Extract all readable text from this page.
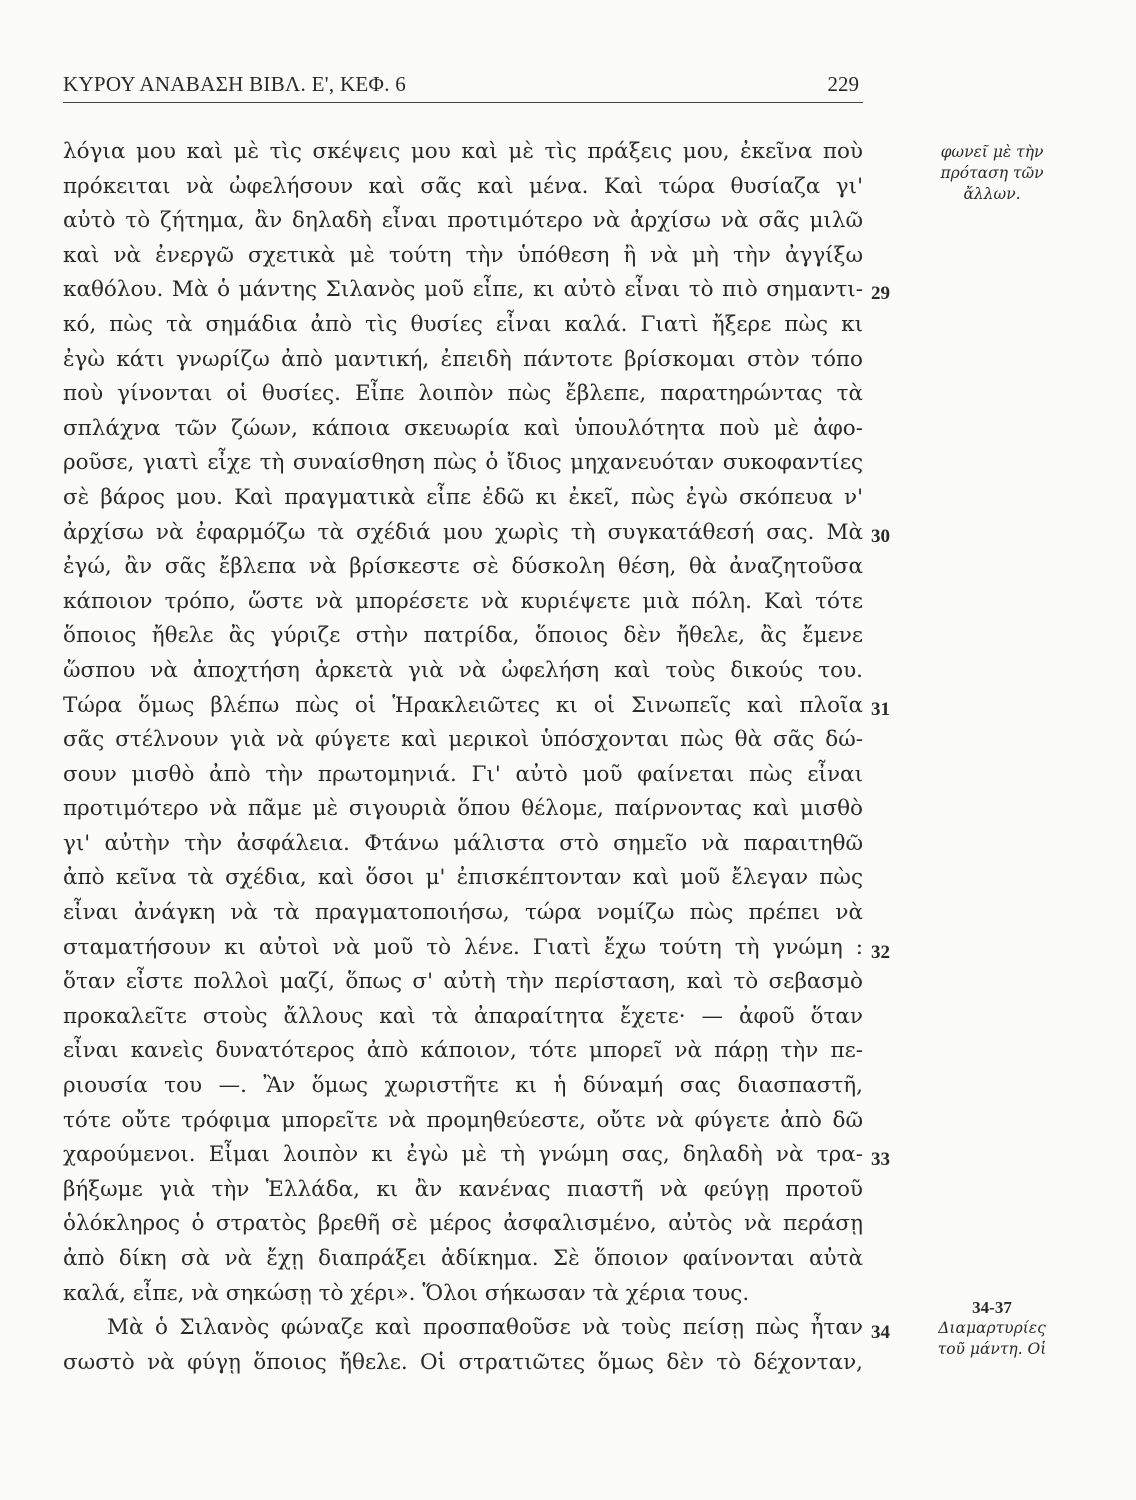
ΚΥΡΟΥ ΑΝΑΒΑΣΗ ΒΙΒΛ. Ε', ΚΕΦ. 6	229
λόγια μου καὶ μὲ τὶς σκέψεις μου καὶ μὲ τὶς πράξεις μου, ἐκεῖνα ποὺ
πρόκειται νὰ ὠφελήσουν καὶ σᾶς καὶ μένα. Καὶ τώρα θυσίαζα γι'
αὐτὸ τὸ ζήτημα, ἂν δηλαδὴ εἶναι προτιμότερο νὰ ἀρχίσω νὰ σᾶς μιλῶ
καὶ νὰ ἐνεργῶ σχετικὰ μὲ τούτη τὴν ὑπόθεση ἢ νὰ μὴ τὴν ἀγγίξω
καθόλου. Μὰ ὁ μάντης Σιλανὸς μοῦ εἶπε, κι αὐτὸ εἶναι τὸ πιὸ σημαντι-
κό, πὼς τὰ σημάδια ἀπὸ τὶς θυσίες εἶναι καλά. Γιατὶ ἤξερε πὼς κι
ἐγὼ κάτι γνωρίζω ἀπὸ μαντική, ἐπειδὴ πάντοτε βρίσκομαι στὸν τόπο
ποὺ γίνονται οἱ θυσίες. Εἶπε λοιπὸν πὼς ἔβλεπε, παρατηρώντας τὰ
σπλάχνα τῶν ζώων, κάποια σκευωρία καὶ ὑπουλότητα ποὺ μὲ ἀφο-
ροῦσε, γιατὶ εἶχε τὴ συναίσθηση πὼς ὁ ἴδιος μηχανευόταν συκοφαντίες
σὲ βάρος μου. Καὶ πραγματικὰ εἶπε ἐδῶ κι ἐκεῖ, πὼς ἐγὼ σκόπευα ν'
ἀρχίσω νὰ ἐφαρμόζω τὰ σχέδιά μου χωρὶς τὴ συγκατάθεσή σας. Μὰ
ἐγώ, ἂν σᾶς ἔβλεπα νὰ βρίσκεστε σὲ δύσκολη θέση, θὰ ἀναζητοῦσα
κάποιον τρόπο, ὥστε νὰ μπορέσετε νὰ κυριέψετε μιὰ πόλη. Καὶ τότε
ὅποιος ἤθελε ἂς γύριζε στὴν πατρίδα, ὅποιος δὲν ἤθελε, ἂς ἔμενε
ὥσπου νὰ ἀποχτήση ἀρκετὰ γιὰ νὰ ὠφελήση καὶ τοὺς δικούς του.
Τώρα ὅμως βλέπω πὼς οἱ Ἡρακλειῶτες κι οἱ Σινωπεῖς καὶ πλοῖα
σᾶς στέλνουν γιὰ νὰ φύγετε καὶ μερικοὶ ὑπόσχονται πὼς θὰ σᾶς δώ-
σουν μισθὸ ἀπὸ τὴν πρωτομηνιά. Γι' αὐτὸ μοῦ φαίνεται πὼς εἶναι
προτιμότερο νὰ πᾶμε μὲ σιγουριὰ ὅπου θέλομε, παίρνοντας καὶ μισθὸ
γι' αὐτὴν τὴν ἀσφάλεια. Φτάνω μάλιστα στὸ σημεῖο νὰ παραιτηθῶ
ἀπὸ κεῖνα τὰ σχέδια, καὶ ὅσοι μ' ἐπισκέπτονταν καὶ μοῦ ἔλεγαν πὼς
εἶναι ἀνάγκη νὰ τὰ πραγματοποιήσω, τώρα νομίζω πὼς πρέπει νὰ
σταματήσουν κι αὐτοὶ νὰ μοῦ τὸ λένε. Γιατὶ ἔχω τούτη τὴ γνώμη :
ὅταν εἶστε πολλοὶ μαζί, ὅπως σ' αὐτὴ τὴν περίσταση, καὶ τὸ σεβασμὸ
προκαλεῖτε στοὺς ἄλλους καὶ τὰ ἀπαραίτητα ἔχετε· — ἀφοῦ ὅταν
εἶναι κανεὶς δυνατότερος ἀπὸ κάποιον, τότε μπορεῖ νὰ πάρῃ τὴν πε-
ριουσία του —. Ἂν ὅμως χωριστῆτε κι ἡ δύναμή σας διασπαστῆ,
τότε οὔτε τρόφιμα μπορεῖτε νὰ προμηθεύεστε, οὔτε νὰ φύγετε ἀπὸ δῶ
χαρούμενοι. Εἶμαι λοιπὸν κι ἐγὼ μὲ τὴ γνώμη σας, δηλαδὴ νὰ τρα-
βήξωμε γιὰ τὴν Ἑλλάδα, κι ἂν κανένας πιαστῆ νὰ φεύγῃ προτοῦ
ὁλόκληρος ὁ στρατὸς βρεθῆ σὲ μέρος ἀσφαλισμένο, αὐτὸς νὰ περάσῃ
ἀπὸ δίκη σὰ νὰ ἔχῃ διαπράξει ἀδίκημα. Σὲ ὅποιον φαίνονται αὐτὰ
καλά, εἶπε, νὰ σηκώσῃ τὸ χέρι». Ὅλοι σήκωσαν τὰ χέρια τους.
Μὰ ὁ Σιλανὸς φώναζε καὶ προσπαθοῦσε νὰ τοὺς πείσῃ πὼς ἦταν
σωστὸ νὰ φύγῃ ὅποιος ἤθελε. Οἱ στρατιῶτες ὅμως δὲν τὸ δέχονταν,
29
30
31
32
33
34
φωνεῖ μὲ τὴν
πρόταση τῶν
ἄλλων.
34-37
Διαμαρτυρίες
τοῦ μάντη. Οἱ
